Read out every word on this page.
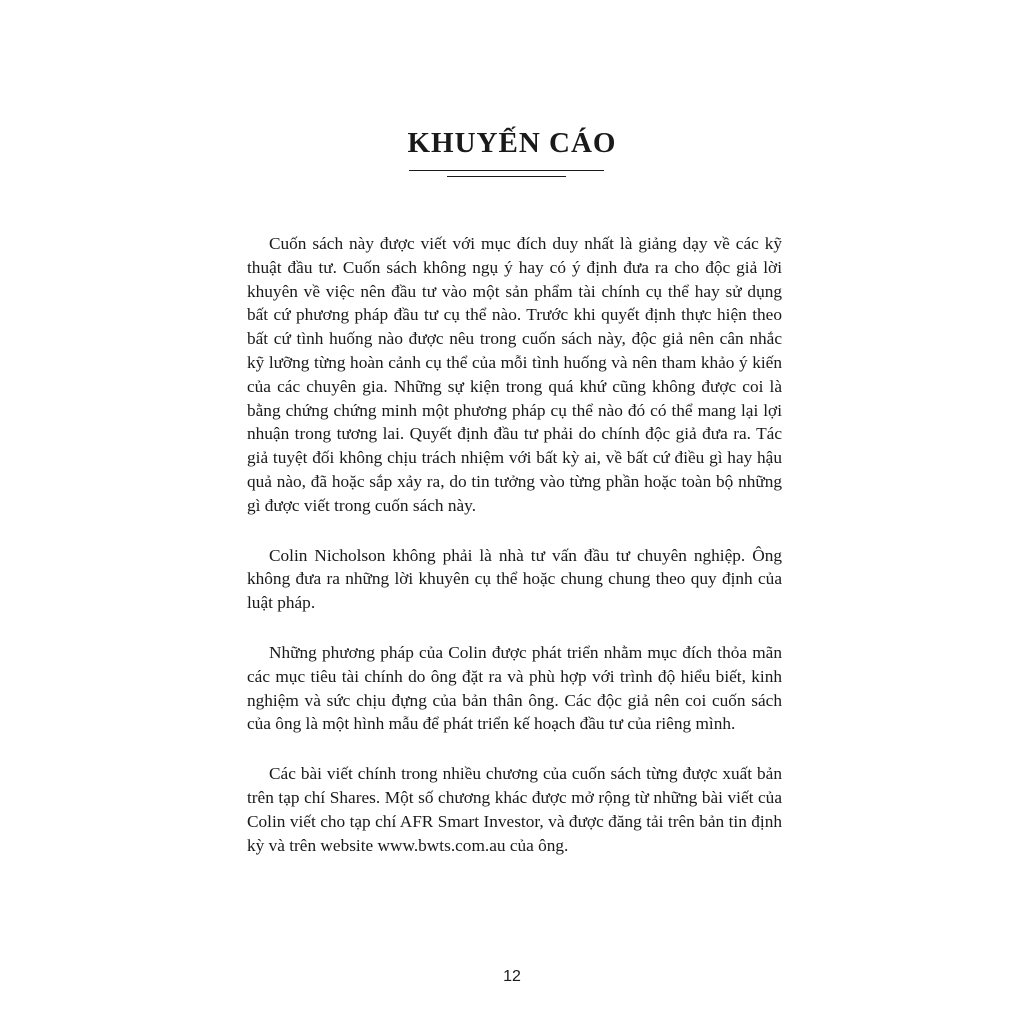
KHUYẾN CÁO

Cuốn sách này được viết với mục đích duy nhất là giảng dạy về các kỹ thuật đầu tư. Cuốn sách không ngụ ý hay có ý định đưa ra cho độc giả lời khuyên về việc nên đầu tư vào một sản phẩm tài chính cụ thể hay sử dụng bất cứ phương pháp đầu tư cụ thể nào. Trước khi quyết định thực hiện theo bất cứ tình huống nào được nêu trong cuốn sách này, độc giả nên cân nhắc kỹ lưỡng từng hoàn cảnh cụ thể của mỗi tình huống và nên tham khảo ý kiến của các chuyên gia. Những sự kiện trong quá khứ cũng không được coi là bằng chứng chứng minh một phương pháp cụ thể nào đó có thể mang lại lợi nhuận trong tương lai. Quyết định đầu tư phải do chính độc giả đưa ra. Tác giả tuyệt đối không chịu trách nhiệm với bất kỳ ai, về bất cứ điều gì hay hậu quả nào, đã hoặc sắp xảy ra, do tin tưởng vào từng phần hoặc toàn bộ những gì được viết trong cuốn sách này.

Colin Nicholson không phải là nhà tư vấn đầu tư chuyên nghiệp. Ông không đưa ra những lời khuyên cụ thể hoặc chung chung theo quy định của luật pháp.

Những phương pháp của Colin được phát triển nhằm mục đích thỏa mãn các mục tiêu tài chính do ông đặt ra và phù hợp với trình độ hiểu biết, kinh nghiệm và sức chịu đựng của bản thân ông. Các độc giả nên coi cuốn sách của ông là một hình mẫu để phát triển kế hoạch đầu tư của riêng mình.

Các bài viết chính trong nhiều chương của cuốn sách từng được xuất bản trên tạp chí Shares. Một số chương khác được mở rộng từ những bài viết của Colin viết cho tạp chí AFR Smart Investor, và được đăng tải trên bản tin định kỳ và trên website www.bwts.com.au của ông.

12
